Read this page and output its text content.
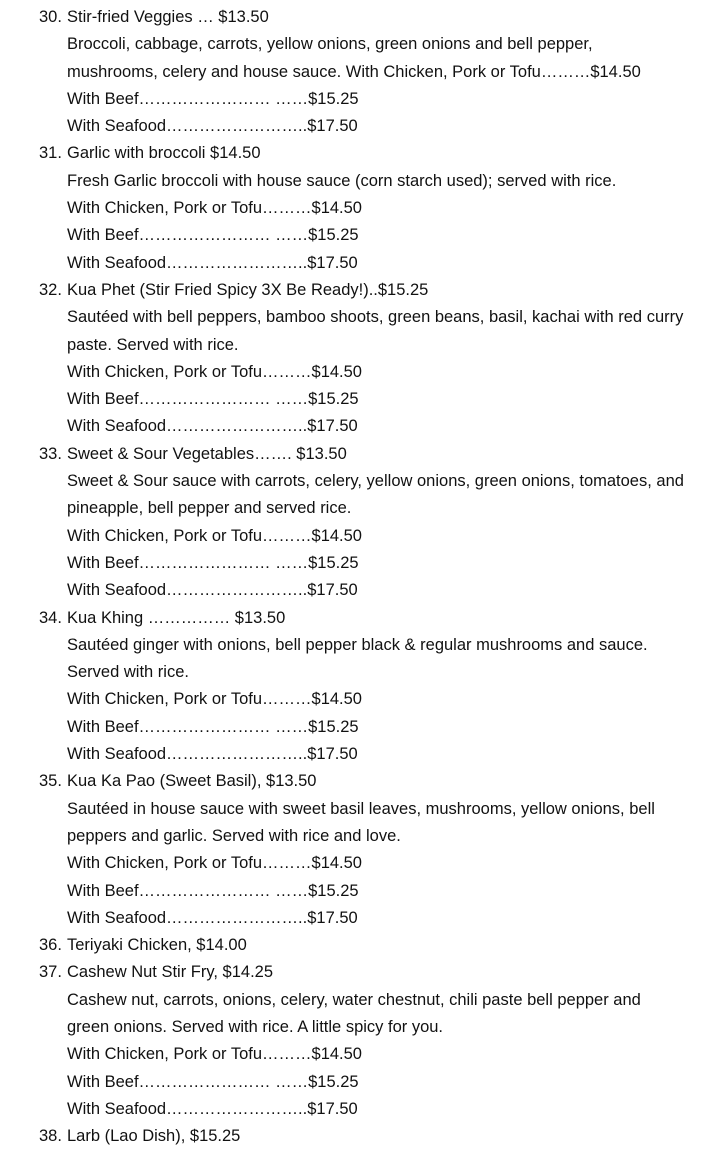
30. Stir-fried Veggies … $13.50
Broccoli, cabbage, carrots, yellow onions, green onions and bell pepper, mushrooms, celery and house sauce. With Chicken, Pork or Tofu………$14.50
With Beef…………………… ……$15.25
With Seafood……………………..$17.50
31. Garlic with broccoli $14.50
Fresh Garlic broccoli with house sauce (corn starch used); served with rice.
With Chicken, Pork or Tofu………$14.50
With Beef…………………… ……$15.25
With Seafood……………………..$17.50
32. Kua Phet (Stir Fried Spicy 3X Be Ready!)..$15.25
Sautéed with bell peppers, bamboo shoots, green beans, basil, kachai with red curry paste. Served with rice.
With Chicken, Pork or Tofu………$14.50
With Beef…………………… ……$15.25
With Seafood……………………..$17.50
33. Sweet & Sour Vegetables……. $13.50
Sweet & Sour sauce with carrots, celery, yellow onions, green onions, tomatoes, and pineapple, bell pepper and served rice.
With Chicken, Pork or Tofu………$14.50
With Beef…………………… ……$15.25
With Seafood……………………..$17.50
34. Kua Khing …………… $13.50
Sautéed ginger with onions, bell pepper black & regular mushrooms and sauce. Served with rice.
With Chicken, Pork or Tofu………$14.50
With Beef…………………… ……$15.25
With Seafood……………………..$17.50
35. Kua Ka Pao (Sweet Basil), $13.50
Sautéed in house sauce with sweet basil leaves, mushrooms, yellow onions, bell peppers and garlic. Served with rice and love.
With Chicken, Pork or Tofu………$14.50
With Beef…………………… ……$15.25
With Seafood……………………..$17.50
36. Teriyaki Chicken, $14.00
37. Cashew Nut Stir Fry, $14.25
Cashew nut, carrots, onions, celery, water chestnut, chili paste bell pepper and green onions. Served with rice. A little spicy for you.
With Chicken, Pork or Tofu………$14.50
With Beef…………………… ……$15.25
With Seafood……………………..$17.50
38. Larb (Lao Dish), $15.25
